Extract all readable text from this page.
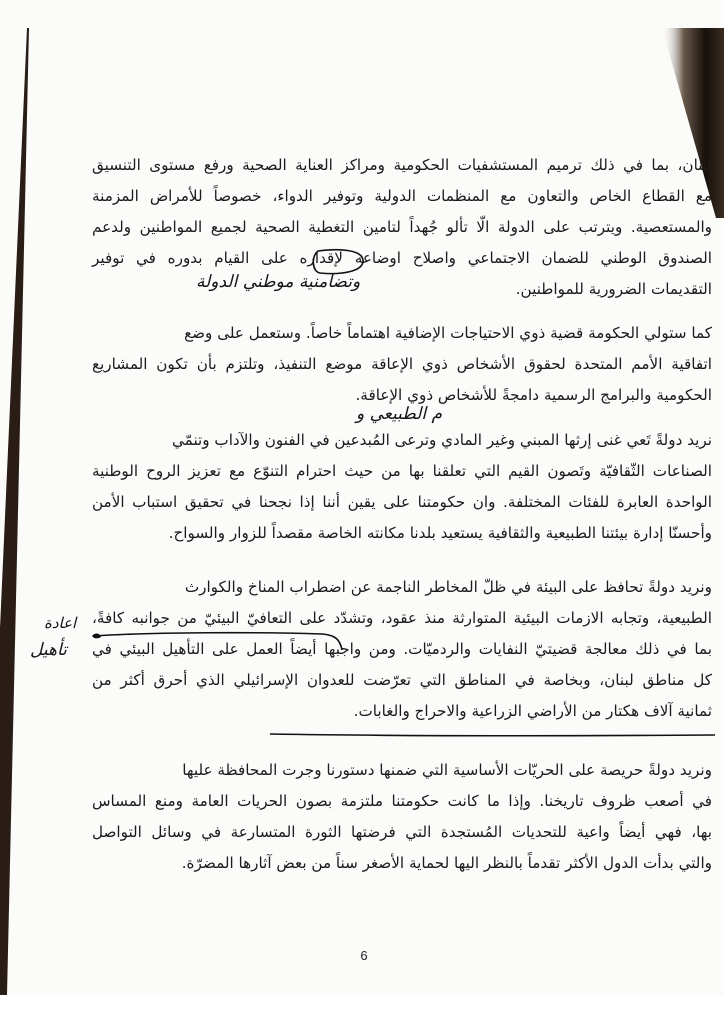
لبنان، بما في ذلك ترميم المستشفيات الحكومية ومراكز العناية الصحية ورفع مستوى التنسيق
مع القطاع الخاص والتعاون مع المنظمات الدولية وتوفير الدواء، خصوصاً للأمراض المزمنة
والمستعصية. ويترتب على الدولة الّا تألو جُهداً لتامين التغطية الصحية لجميع المواطنين ولدعم
الصندوق الوطني للضمان الاجتماعي واصلاح اوضاعه لإقداره على القيام بدوره في توفير
التقديمات الضرورية للمواطنين.
وتضامنية موطني الدولة
كما ستولي الحكومة قضية ذوي الاحتياجات الإضافية اهتماماً خاصاً. وستعمل على وضع
اتفاقية الأمم المتحدة لحقوق الأشخاص ذوي الإعاقة موضع التنفيذ، وتلتزم بأن تكون المشاريع
الحكومية والبرامج الرسمية دامجةً للأشخاص ذوي الإعاقة.
م الطبيعي و
نريد دولةً تَعي غنى إرثها المبني وغير المادي وترعى المُبدعين في الفنون والآداب وتنمّي
الصناعات الثّقافيّة وتَصون القيم التي تعلقنا بها من حيث احترام التنوّع مع تعزيز الروح الوطنية
الواحدة العابرة للفئات المختلفة. وان حكومتنا على يقين أننا إذا نجحنا في تحقيق استباب الأمن
وأحسنّا إدارة بيئتنا الطبيعية والثقافية يستعيد بلدنا مكانته الخاصة مقصداً للزوار والسواح.
ونريد دولةً تحافظ على البيئة في ظلّ المخاطر الناجمة عن اضطراب المناخ والكوارث
الطبيعية، وتجابه الازمات البيئية المتوارثة منذ عقود، وتشدّد على التعافيّ البيئيّ من جوانبه كافةً،
بما في ذلك معالجة قضيتيّ النفايات والردميّات. ومن واجبها أيضاً العمل على التأهيل البيئي في
كل مناطق لبنان، وبخاصة في المناطق التي تعرّضت للعدوان الإسرائيلي الذي أحرق أكثر من
ثمانية آلاف هكتار من الأراضي الزراعية والاحراج والغابات.
اعادة
تأهيل
ونريد دولةً حريصة على الحريّات الأساسية التي ضمنها دستورنا وجرت المحافظة عليها
في أصعب ظروف تاريخنا. وإذا ما كانت حكومتنا ملتزمة بصون الحريات العامة ومنع المساس
بها، فهي أيضاً واعية للتحديات المُستجدة التي فرضتها الثورة المتسارعة في وسائل التواصل
والتي بدأت الدول الأكثر تقدماً بالنظر اليها لحماية الأصغر سناً من بعض آثارها المضرّة.
6
